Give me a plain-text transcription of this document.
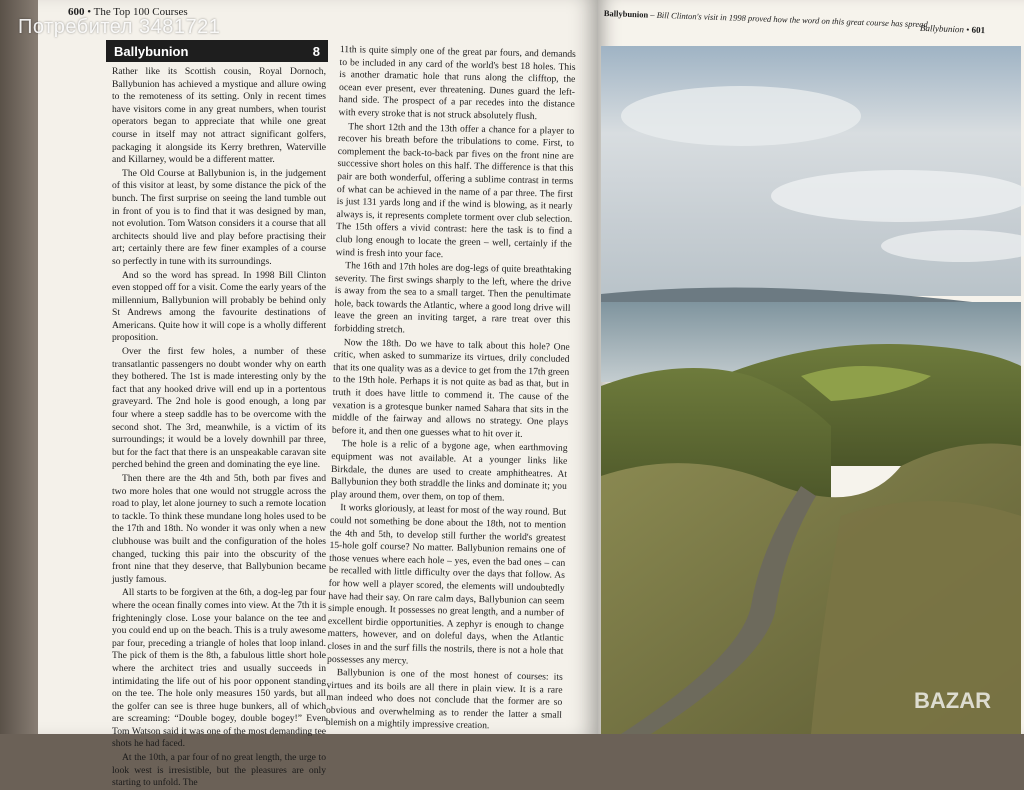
600 • The Top 100 Courses
Ballybunion	8

Rather like its Scottish cousin, Royal Dornoch, Ballybunion has achieved a mystique and allure owing to the remoteness of its setting. Only in recent times have visitors come in any great numbers, when tourist operators began to appreciate that while one great course in itself may not attract significant golfers, packaging it alongside its Kerry brethren, Waterville and Killarney, would be a different matter.

The Old Course at Ballybunion is, in the judgement of this visitor at least, by some distance the pick of the bunch. The first surprise on seeing the land tumble out in front of you is to find that it was designed by man, not evolution. Tom Watson considers it a course that all architects should live and play before practising their art; certainly there are few finer examples of a course so perfectly in tune with its surroundings.

And so the word has spread. In 1998 Bill Clinton even stopped off for a visit. Come the early years of the millennium, Ballybunion will probably be behind only St Andrews among the favourite destinations of Americans. Quite how it will cope is a wholly different proposition.

Over the first few holes, a number of these transatlantic passengers no doubt wonder why on earth they bothered. The 1st is made interesting only by the fact that any hooked drive will end up in a portentous graveyard. The 2nd hole is good enough, a long par four where a steep saddle has to be overcome with the second shot. The 3rd, meanwhile, is a victim of its surroundings; it would be a lovely downhill par three, but for the fact that there is an unspeakable caravan site perched behind the green and dominating the eye line.

Then there are the 4th and 5th, both par fives and two more holes that one would not struggle across the road to play, let alone journey to such a remote location to tackle. To think these mundane long holes used to be the 17th and 18th. No wonder it was only when a new clubhouse was built and the configuration of the holes changed, tucking this pair into the obscurity of the front nine that they deserve, that Ballybunion became justly famous.

All starts to be forgiven at the 6th, a dog-leg par four where the ocean finally comes into view. At the 7th it is frighteningly close. Lose your balance on the tee and you could end up on the beach. This is a truly awesome par four, preceding a triangle of holes that loop inland. The pick of them is the 8th, a fabulous little short hole where the architect tries and usually succeeds in intimidating the life out of his poor opponent standing on the tee. The hole only measures 150 yards, but all the golfer can see is three huge bunkers, all of which are screaming: “Double bogey, double bogey!” Even Tom Watson said it was one of the most demanding tee shots he had faced.

At the 10th, a par four of no great length, the urge to look west is irresistible, but the pleasures are only starting to unfold. The

11th is quite simply one of the great par fours, and demands to be included in any card of the world's best 18 holes. This is another dramatic hole that runs along the clifftop, the ocean ever present, ever threatening. Dunes guard the left-hand side. The prospect of a par recedes into the distance with every stroke that is not struck absolutely flush.

The short 12th and the 13th offer a chance for a player to recover his breath before the tribulations to come. First, to complement the back-to-back par fives on the front nine are successive short holes on this half. The difference is that this pair are both wonderful, offering a sublime contrast in terms of what can be achieved in the name of a par three. The first is just 131 yards long and if the wind is blowing, as it nearly always is, it represents complete torment over club selection. The 15th offers a vivid contrast: here the task is to find a club long enough to locate the green – well, certainly if the wind is fresh into your face.

The 16th and 17th holes are dog-legs of quite breathtaking severity. The first swings sharply to the left, where the drive is away from the sea to a small target. Then the penultimate hole, back towards the Atlantic, where a good long drive will leave the green an inviting target, a rare treat over this forbidding stretch.

Now the 18th. Do we have to talk about this hole? One critic, when asked to summarize its virtues, drily concluded that its one quality was as a device to get from the 17th green to the 19th hole. Perhaps it is not quite as bad as that, but in truth it does have little to commend it. The cause of the vexation is a grotesque bunker named Sahara that sits in the middle of the fairway and allows no strategy. One plays before it, and then one guesses what to hit over it.

The hole is a relic of a bygone age, when earthmoving equipment was not available. At a younger links like Birkdale, the dunes are used to create amphitheatres. At Ballybunion they both straddle the links and dominate it; you play around them, over them, on top of them.

It works gloriously, at least for most of the way round. But could not something be done about the 18th, not to mention the 4th and 5th, to develop still further the world's greatest 15-hole golf course? No matter. Ballybunion remains one of those venues where each hole – yes, even the bad ones – can be recalled with little difficulty over the days that follow. As for how well a player scored, the elements will undoubtedly have had their say. On rare calm days, Ballybunion can seem simple enough. It possesses no great length, and a number of excellent birdie opportunities. A zephyr is enough to change matters, however, and on doleful days, when the Atlantic closes in and the surf fills the nostrils, there is not a hole that possesses any mercy.

Ballybunion is one of the most honest of courses: its virtues and its boils are all there in plain view. It is a rare man indeed who does not conclude that the former are so obvious and overwhelming as to render the latter a small blemish on a mightily impressive creation.

Ballybunion – Bill Clinton's visit in 1998 proved how the word on this great course has spread
Ballybunion • 601
Потребител 3481721
BAZAR
